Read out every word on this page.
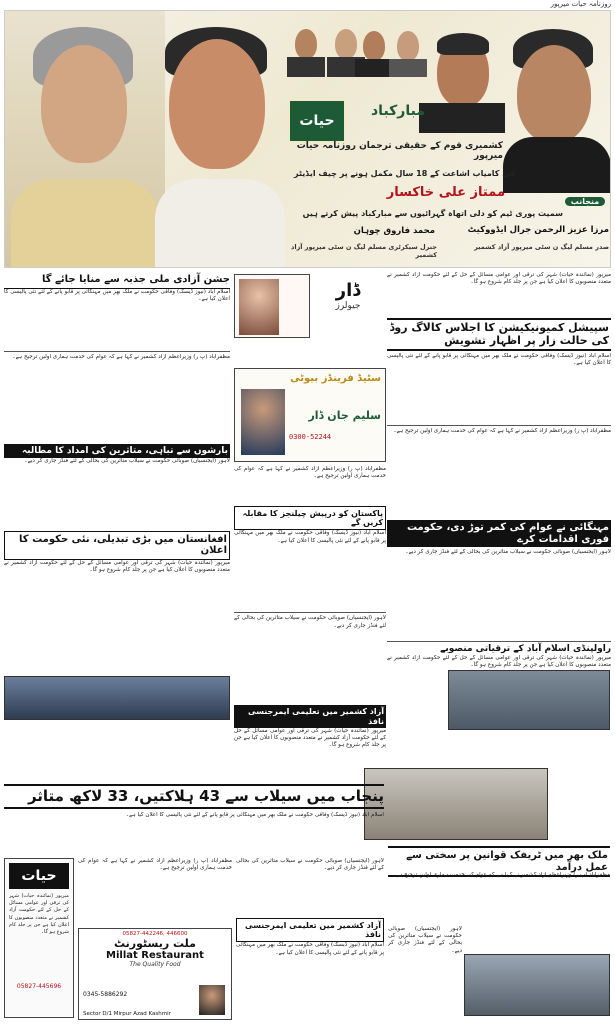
روزنامہ حیات میرپور
حیات
مبارکباد
کشمیری قوم کے حقیقی ترجمان روزنامہ حیات میرپور
کی کامیاب اشاعت کے 18 سال مکمل ہونے پر چیف ایڈیٹر
ممتاز علی خاکسار
سمیت پوری ٹیم کو دلی اتھاہ گہرائیوں سے مبارکباد پیش کرتے ہیں
منجانب
مرزا عزیز الرحمن جرال ایڈووکیٹ
صدر مسلم لیگ ن سٹی میرپور آزاد کشمیر
محمد فاروق چوہان
جنرل سیکرٹری مسلم لیگ ن سٹی میرپور آزاد کشمیر
میرپور (نمائندہ حیات) شہر کی ترقی اور عوامی مسائل کے حل کے لئے حکومت آزاد کشمیر نے متعدد منصوبوں کا اعلان کیا ہے جن پر جلد کام شروع ہو گا۔
سپیشل کمیونیکیشن کا اجلاس کالاگ روڈ کی حالت زار پر اظہار تشویش
اسلام آباد (نیوز ڈیسک) وفاقی حکومت نے ملک بھر میں مہنگائی پر قابو پانے کے لئے نئی پالیسی کا اعلان کیا ہے۔
مظفرآباد (پ ر) وزیراعظم آزاد کشمیر نے کہا ہے کہ عوام کی خدمت ہماری اولین ترجیح ہے۔
مہنگائی نے عوام کی کمر توڑ دی، حکومت فوری اقدامات کرے
لاہور (ایجنسیاں) صوبائی حکومت نے سیلاب متاثرین کی بحالی کے لئے فنڈز جاری کر دیے۔
راولپنڈی اسلام آباد کے ترقیاتی منصوبے
میرپور (نمائندہ حیات) شہر کی ترقی اور عوامی مسائل کے حل کے لئے حکومت آزاد کشمیر نے متعدد منصوبوں کا اعلان کیا ہے جن پر جلد کام شروع ہو گا۔
جشن آزادی ملی جذبہ سے منایا جائے گا
اسلام آباد (نیوز ڈیسک) وفاقی حکومت نے ملک بھر میں مہنگائی پر قابو پانے کے لئے نئی پالیسی کا اعلان کیا ہے۔
مظفرآباد (پ ر) وزیراعظم آزاد کشمیر نے کہا ہے کہ عوام کی خدمت ہماری اولین ترجیح ہے۔
بارشوں سے تباہی، متاثرین کی امداد کا مطالبہ
لاہور (ایجنسیاں) صوبائی حکومت نے سیلاب متاثرین کی بحالی کے لئے فنڈز جاری کر دیے۔
افغانستان میں بڑی تبدیلی، نئی حکومت کا اعلان
میرپور (نمائندہ حیات) شہر کی ترقی اور عوامی مسائل کے حل کے لئے حکومت آزاد کشمیر نے متعدد منصوبوں کا اعلان کیا ہے جن پر جلد کام شروع ہو گا۔
ڈار
جیولرز
سٹیڈ فرینڈز بیوٹی
سلیم جان ڈار
0300-52244
مظفرآباد (پ ر) وزیراعظم آزاد کشمیر نے کہا ہے کہ عوام کی خدمت ہماری اولین ترجیح ہے۔
پاکستان کو درپیش چیلنجز کا مقابلہ کریں گے
اسلام آباد (نیوز ڈیسک) وفاقی حکومت نے ملک بھر میں مہنگائی پر قابو پانے کے لئے نئی پالیسی کا اعلان کیا ہے۔
لاہور (ایجنسیاں) صوبائی حکومت نے سیلاب متاثرین کی بحالی کے لئے فنڈز جاری کر دیے۔
آزاد کشمیر میں تعلیمی ایمرجنسی نافذ
میرپور (نمائندہ حیات) شہر کی ترقی اور عوامی مسائل کے حل کے لئے حکومت آزاد کشمیر نے متعدد منصوبوں کا اعلان کیا ہے جن پر جلد کام شروع ہو گا۔
پنجاب میں سیلاب سے 43 ہلاکتیں، 33 لاکھ متاثر
اسلام آباد (نیوز ڈیسک) وفاقی حکومت نے ملک بھر میں مہنگائی پر قابو پانے کے لئے نئی پالیسی کا اعلان کیا ہے۔
ملک بھر میں ٹریفک قوانین پر سختی سے عمل درآمد
مظفرآباد (پ ر) وزیراعظم آزاد کشمیر نے کہا ہے کہ عوام کی خدمت ہماری اولین ترجیح ہے۔
لاہور (ایجنسیاں) صوبائی حکومت نے سیلاب متاثرین کی بحالی کے لئے فنڈز جاری کر دیے۔
حیات
میرپور (نمائندہ حیات) شہر کی ترقی اور عوامی مسائل کے حل کے لئے حکومت آزاد کشمیر نے متعدد منصوبوں کا اعلان کیا ہے جن پر جلد کام شروع ہو گا۔
05827-445696
05827-442246, 446600
ملت ریسٹورنٹ
Millat Restaurant
The Quality Food
0345-5886292
Sector D/1 Mirpur Azad Kashmir
لاہور (ایجنسیاں) صوبائی حکومت نے سیلاب متاثرین کی بحالی کے لئے فنڈز جاری کر دیے۔
آزاد کشمیر میں تعلیمی ایمرجنسی نافذ
اسلام آباد (نیوز ڈیسک) وفاقی حکومت نے ملک بھر میں مہنگائی پر قابو پانے کے لئے نئی پالیسی کا اعلان کیا ہے۔
مظفرآباد (پ ر) وزیراعظم آزاد کشمیر نے کہا ہے کہ عوام کی خدمت ہماری اولین ترجیح ہے۔
